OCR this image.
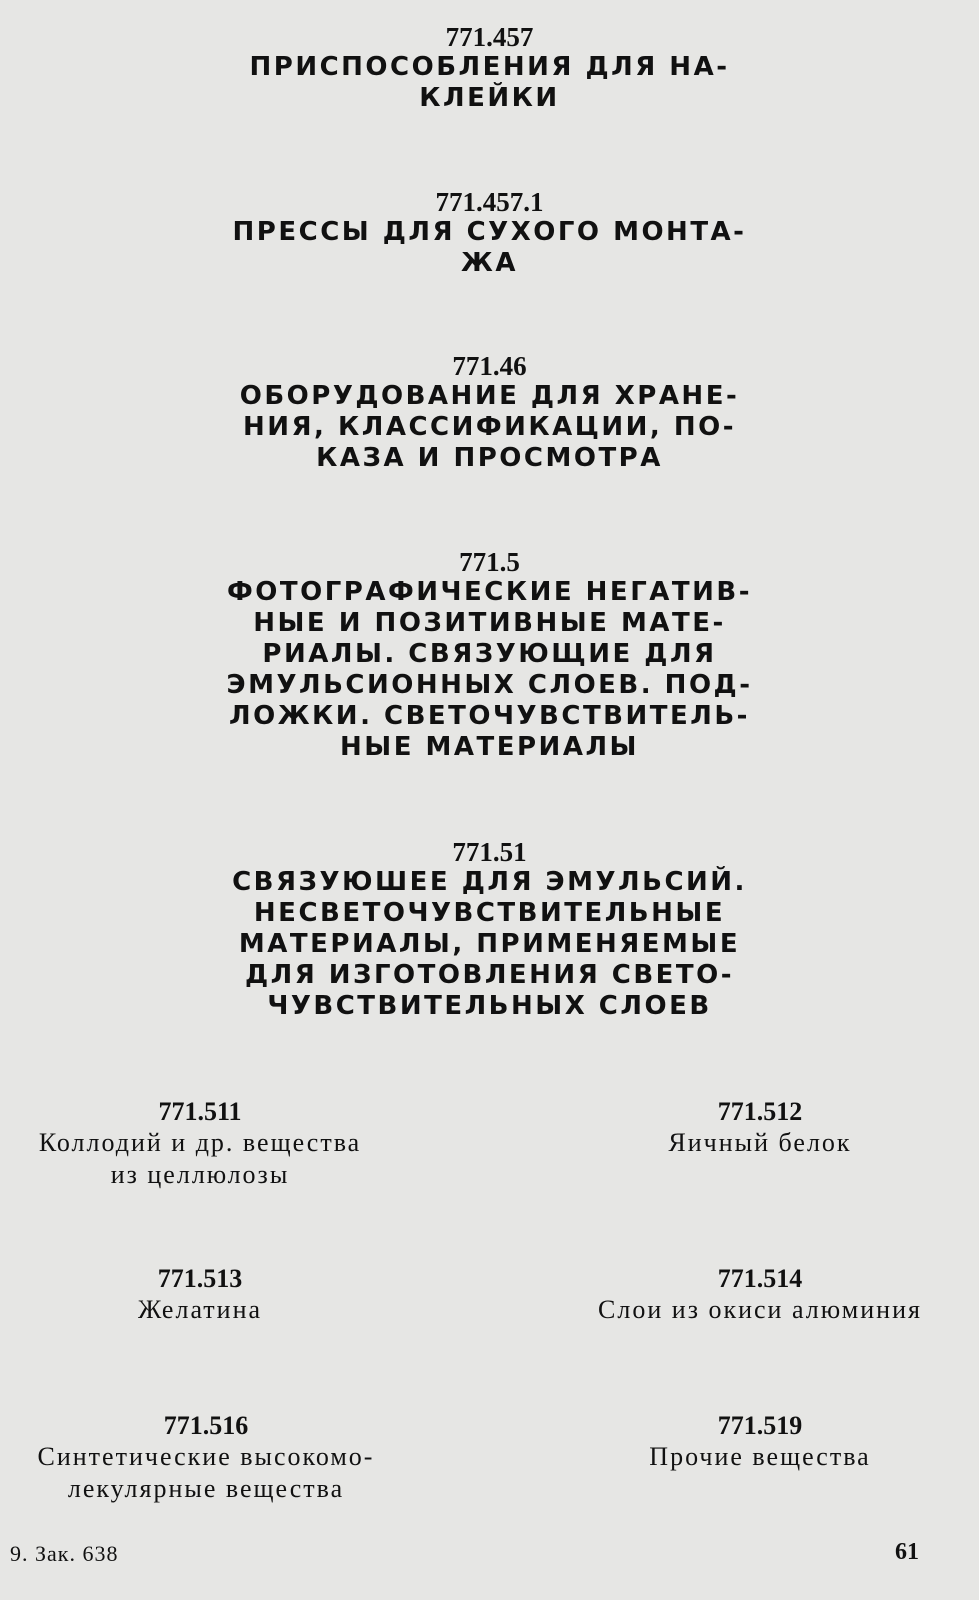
771.457
ПРИСПОСОБЛЕНИЯ ДЛЯ НА-
КЛЕЙКИ
771.457.1
ПРЕССЫ ДЛЯ СУХОГО МОНТА-
ЖА
771.46
ОБОРУДОВАНИЕ ДЛЯ ХРАНЕ-
НИЯ, КЛАССИФИКАЦИИ, ПО-
КАЗА И ПРОСМОТРА
771.5
ФОТОГРАФИЧЕСКИЕ НЕГАТИВ-
НЫЕ И ПОЗИТИВНЫЕ МАТЕ-
РИАЛЫ. СВЯЗУЮЩИЕ ДЛЯ
ЭМУЛЬСИОННЫХ СЛОЕВ. ПОД-
ЛОЖКИ. СВЕТОЧУВСТВИТЕЛЬ-
НЫЕ МАТЕРИАЛЫ
771.51
СВЯЗУЮШЕЕ ДЛЯ ЭМУЛЬСИЙ.
НЕСВЕТОЧУВСТВИТЕЛЬНЫЕ
МАТЕРИАЛЫ, ПРИМЕНЯЕМЫЕ
ДЛЯ ИЗГОТОВЛЕНИЯ СВЕТО-
ЧУВСТВИТЕЛЬНЫХ СЛОЕВ
771.511
Коллодий и др. вещества
из целлюлозы
771.512
Яичный белок
771.513
Желатина
771.514
Слои из окиси алюминия
771.516
Синтетические высокомо-
лекулярные вещества
771.519
Прочие вещества
9. Зак. 638	61
